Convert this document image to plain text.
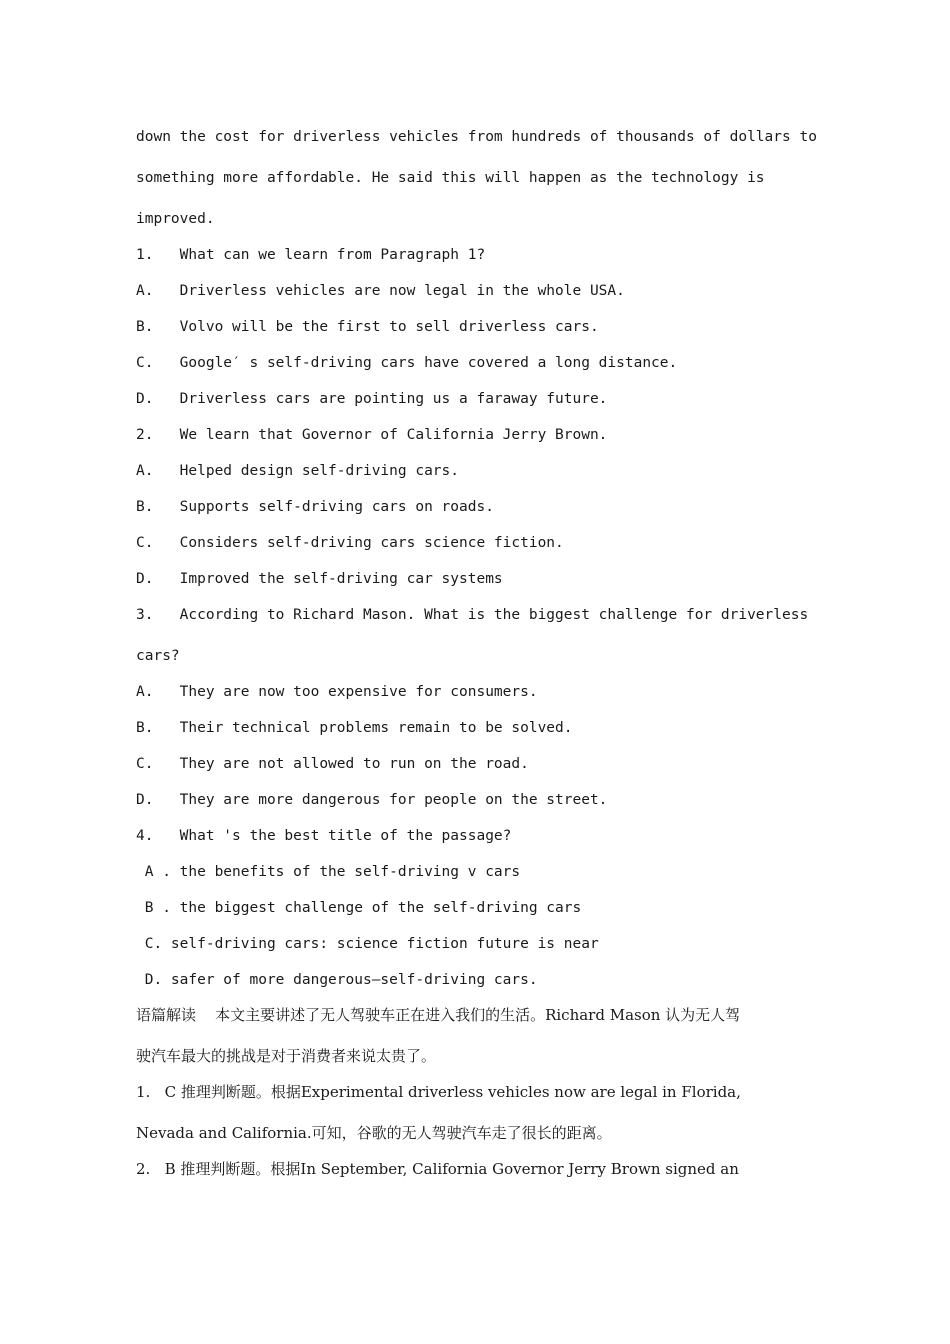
down the cost for driverless vehicles from hundreds of thousands of dollars to
something more affordable. He said this will happen as the technology is
improved.
1.   What can we learn from Paragraph 1?
A.   Driverless vehicles are now legal in the whole USA.
B.   Volvo will be the first to sell driverless cars.
C.   Google′ s self-driving cars have covered a long distance.
D.   Driverless cars are pointing us a faraway future.
2.   We learn that Governor of California Jerry Brown.
A.   Helped design self-driving cars.
B.   Supports self-driving cars on roads.
C.   Considers self-driving cars science fiction.
D.   Improved the self-driving car systems
3.   According to Richard Mason. What is the biggest challenge for driverless
cars?
A.   They are now too expensive for consumers.
B.   Their technical problems remain to be solved.
C.   They are not allowed to run on the road.
D.   They are more dangerous for people on the street.
4.   What 's the best title of the passage?
A . the benefits of the self-driving v cars
B . the biggest challenge of the self-driving cars
C. self-driving cars: science fiction future is near
D. safer of more dangerous—self-driving cars.
语篇解读    本文主要讲述了无人驾驶车正在进入我们的生活。Richard Mason 认为无人驾
驶汽车最大的挑战是对于消费者来说太贵了。
1.   C 推理判断题。根据Experimental driverless vehicles now are legal in Florida,
Nevada and California.可知，谷歌的无人驾驶汽车走了很长的距离。
2.   B 推理判断题。根据In September, California Governor Jerry Brown signed an
